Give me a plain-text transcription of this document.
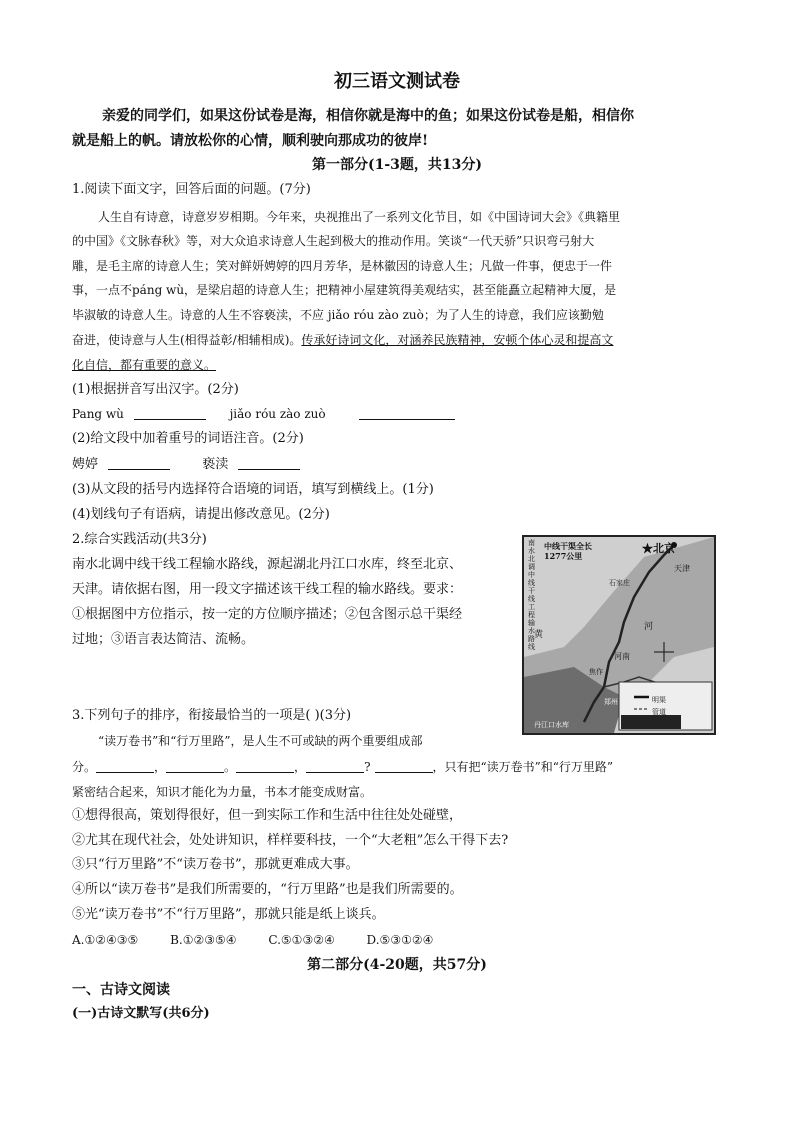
初三语文测试卷
亲爱的同学们，如果这份试卷是海，相信你就是海中的鱼；如果这份试卷是船，相信你
就是船上的帆。请放松你的心情，顺利驶向那成功的彼岸!
第一部分(1-3题，共13分)
1.阅读下面文字，回答后面的问题。(7分)
人生自有诗意，诗意岁岁相期。今年来，央视推出了一系列文化节目，如《中国诗词大会》《典籍里
的中国》《文脉春秋》等，对大众追求诗意人生起到极大的推动作用。笑谈“一代天骄”只识弯弓射大
雕，是毛主席的诗意人生；笑对鲜妍娉婷的四月芳华，是林徽因的诗意人生；凡做一件事，便忠于一件
事，一点不páng wù，是梁启超的诗意人生；把精神小屋建筑得美观结实，甚至能矗立起精神大厦，是
毕淑敏的诗意人生。诗意的人生不容亵渎，不应 jiǎo róu zào zuò；为了人生的诗意，我们应该勤勉
奋进，使诗意与人生(相得益彰/相辅相成)。传承好诗词文化，对涵养民族精神，安顿个体心灵和提高文
化自信，都有重要的意义。
(1)根据拼音写出汉字。(2分)
Pang wù	jiǎo róu zào zuò
(2)给文段中加着重号的词语注音。(2分)
娉婷	亵渎
(3)从文段的括号内选择符合语境的词语，填写到横线上。(1分)
(4)划线句子有语病，请提出修改意见。(2分)
2.综合实践活动(共3分)
南水北调中线干线工程输水路线，源起湖北丹江口水库，终至北京、
天津。请依据右图，用一段文字描述该干线工程的输水路线。要求：
①根据图中方位指示，按一定的方位顺序描述；②包含图示总干渠经
过地；③语言表达简洁、流畅。
南水北调中线干线工程输水路线
中线干渠全长 1277公里
★北京
天津
石家庄
河南
焦作
郑州
丹江口水库
河
黄
明渠
管道
3.下列句子的排序，衔接最恰当的一项是( )(3分)
“读万卷书”和“行万里路”，是人生不可或缺的两个重要组成部
分。	，	。	，	?	，只有把“读万卷书”和“行万里路”
紧密结合起来，知识才能化为力量，书本才能变成财富。
①想得很高，策划得很好，但一到实际工作和生活中往往处处碰壁，
②尤其在现代社会，处处讲知识，样样要科技，一个“大老粗”怎么干得下去?
③只“行万里路”不“读万卷书”，那就更难成大事。
④所以“读万卷书”是我们所需要的，“行万里路”也是我们所需要的。
⑤光“读万卷书”不“行万里路”，那就只能是纸上谈兵。
A.①②④③⑤	B.①②③⑤④	C.⑤①③②④	D.⑤③①②④
第二部分(4-20题，共57分)
一、古诗文阅读
(一)古诗文默写(共6分)
